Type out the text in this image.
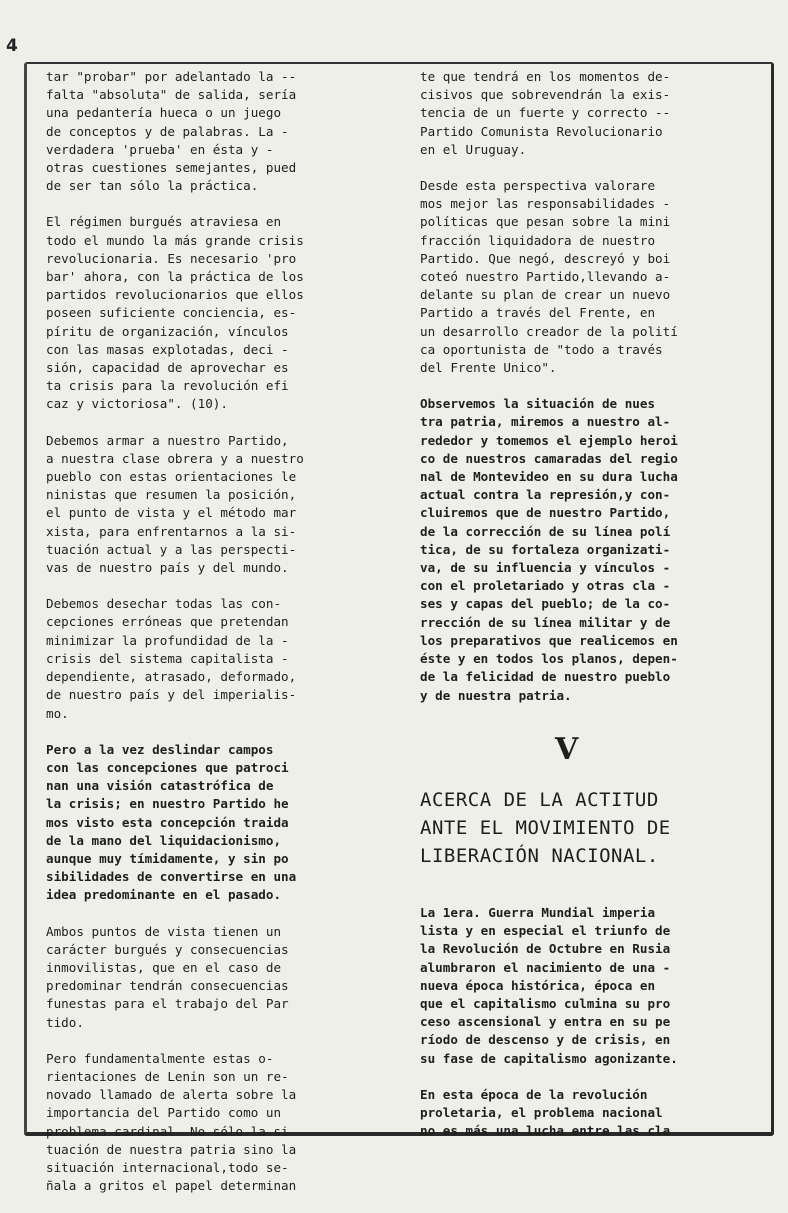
4

tar "probar" por adelantado la --
falta "absoluta" de salida, sería
una pedantería hueca o un juego
de conceptos y de palabras. La -
verdadera 'prueba' en ésta y -
otras cuestiones semejantes, pued
de ser tan sólo la práctica.

El régimen burgués atraviesa en
todo el mundo la más grande crisis
revolucionaria. Es necesario 'pro
bar' ahora, con la práctica de los
partidos revolucionarios que ellos
poseen suficiente conciencia, es-
píritu de organización, vínculos
con las masas explotadas, deci -
sión, capacidad de aprovechar es
ta crisis para la revolución efi
caz y victoriosa". (10).

Debemos armar a nuestro Partido,
a nuestra clase obrera y a nuestro
pueblo con estas orientaciones le
ninistas que resumen la posición,
el punto de vista y el método mar
xista, para enfrentarnos a la si-
tuación actual y a las perspecti-
vas de nuestro país y del mundo.

Debemos desechar todas las con-
cepciones erróneas que pretendan
minimizar la profundidad de la -
crisis del sistema capitalista -
dependiente, atrasado, deformado,
de nuestro país y del imperialis-
mo.

Pero a la vez deslindar campos
con las concepciones que patroci
nan una visión catastrófica de
la crisis; en nuestro Partido he
mos visto esta concepción traida
de la mano del liquidacionismo,
aunque muy tímidamente, y sin po
sibilidades de convertirse en una
idea predominante en el pasado.

Ambos puntos de vista tienen un
carácter burgués y consecuencias
inmovilistas, que en el caso de
predominar tendrán consecuencias
funestas para el trabajo del Par
tido.

Pero fundamentalmente estas o-
rientaciones de Lenin son un re-
novado llamado de alerta sobre la
importancia del Partido como un
problema cardinal. No sólo la si
tuación de nuestra patria sino la
situación internacional,todo se-
ñala a gritos el papel determinan

te que tendrá en los momentos de-
cisivos que sobrevendrán la exis-
tencia de un fuerte y correcto --
Partido Comunista Revolucionario
en el Uruguay.

Desde esta perspectiva valorare
mos mejor las responsabilidades -
políticas que pesan sobre la mini
fracción liquidadora de nuestro
Partido. Que negó, descreyó y boi
coteó nuestro Partido,llevando a-
delante su plan de crear un nuevo
Partido a través del Frente, en
un desarrollo creador de la polití
ca oportunista de "todo a través
del Frente Unico".

Observemos la situación de nues
tra patria, miremos a nuestro al-
rededor y tomemos el ejemplo heroi
co de nuestros camaradas del regio
nal de Montevideo en su dura lucha
actual contra la represión,y con-
cluiremos que de nuestro Partido,
de la corrección de su línea polí
tica, de su fortaleza organizati-
va, de su influencia y vínculos -
con el proletariado y otras cla -
ses y capas del pueblo; de la co-
rrección de su línea militar y de
los preparativos que realicemos en
éste y en todos los planos, depen-
de la felicidad de nuestro pueblo
y de nuestra patria.

V
ACERCA DE LA ACTITUD
ANTE EL MOVIMIENTO DE
LIBERACIÓN NACIONAL.

La 1era. Guerra Mundial imperia
lista y en especial el triunfo de
la Revolución de Octubre en Rusia
alumbraron el nacimiento de una -
nueva época histórica, época en
que el capitalismo culmina su pro
ceso ascensional y entra en su pe
ríodo de descenso y de crisis, en
su fase de capitalismo agonizante.

En esta época de la revolución
proletaria, el problema nacional
no es más una lucha entre las cla
